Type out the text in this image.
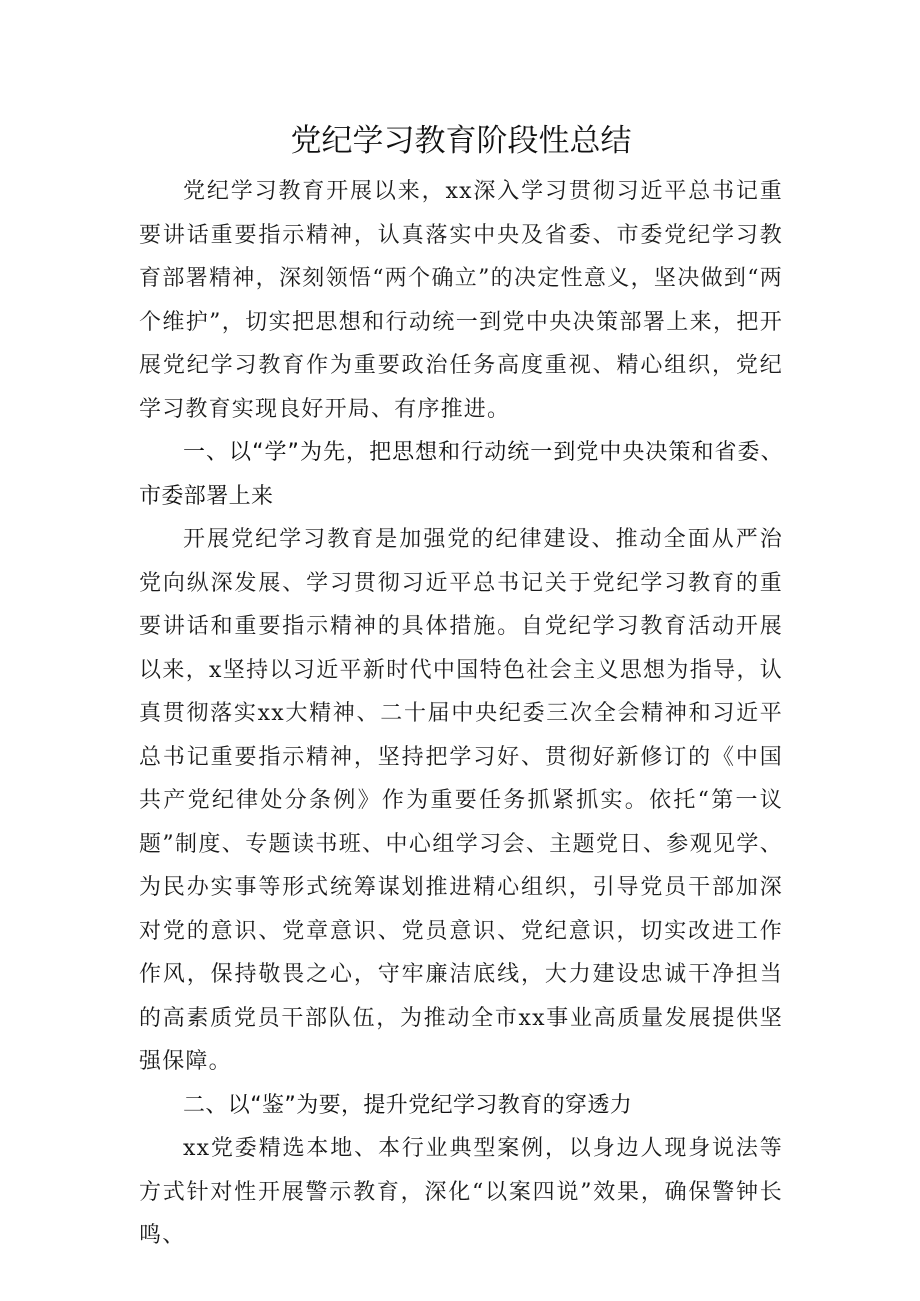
党纪学习教育阶段性总结

党纪学习教育开展以来，xx深入学习贯彻习近平总书记重要讲话重要指示精神，认真落实中央及省委、市委党纪学习教育部署精神，深刻领悟“两个确立”的决定性意义，坚决做到“两个维护”，切实把思想和行动统一到党中央决策部署上来，把开展党纪学习教育作为重要政治任务高度重视、精心组织，党纪学习教育实现良好开局、有序推进。

一、以“学”为先，把思想和行动统一到党中央决策和省委、市委部署上来

开展党纪学习教育是加强党的纪律建设、推动全面从严治党向纵深发展、学习贯彻习近平总书记关于党纪学习教育的重要讲话和重要指示精神的具体措施。自党纪学习教育活动开展以来，x坚持以习近平新时代中国特色社会主义思想为指导，认真贯彻落实xx大精神、二十届中央纪委三次全会精神和习近平总书记重要指示精神，坚持把学习好、贯彻好新修订的《中国共产党纪律处分条例》作为重要任务抓紧抓实。依托“第一议题”制度、专题读书班、中心组学习会、主题党日、参观见学、为民办实事等形式统筹谋划推进精心组织，引导党员干部加深对党的意识、党章意识、党员意识、党纪意识，切实改进工作作风，保持敬畏之心，守牢廉洁底线，大力建设忠诚干净担当的高素质党员干部队伍，为推动全市xx事业高质量发展提供坚强保障。

二、以“鉴”为要，提升党纪学习教育的穿透力

xx党委精选本地、本行业典型案例，以身边人现身说法等方式针对性开展警示教育，深化“以案四说”效果，确保警钟长鸣、
